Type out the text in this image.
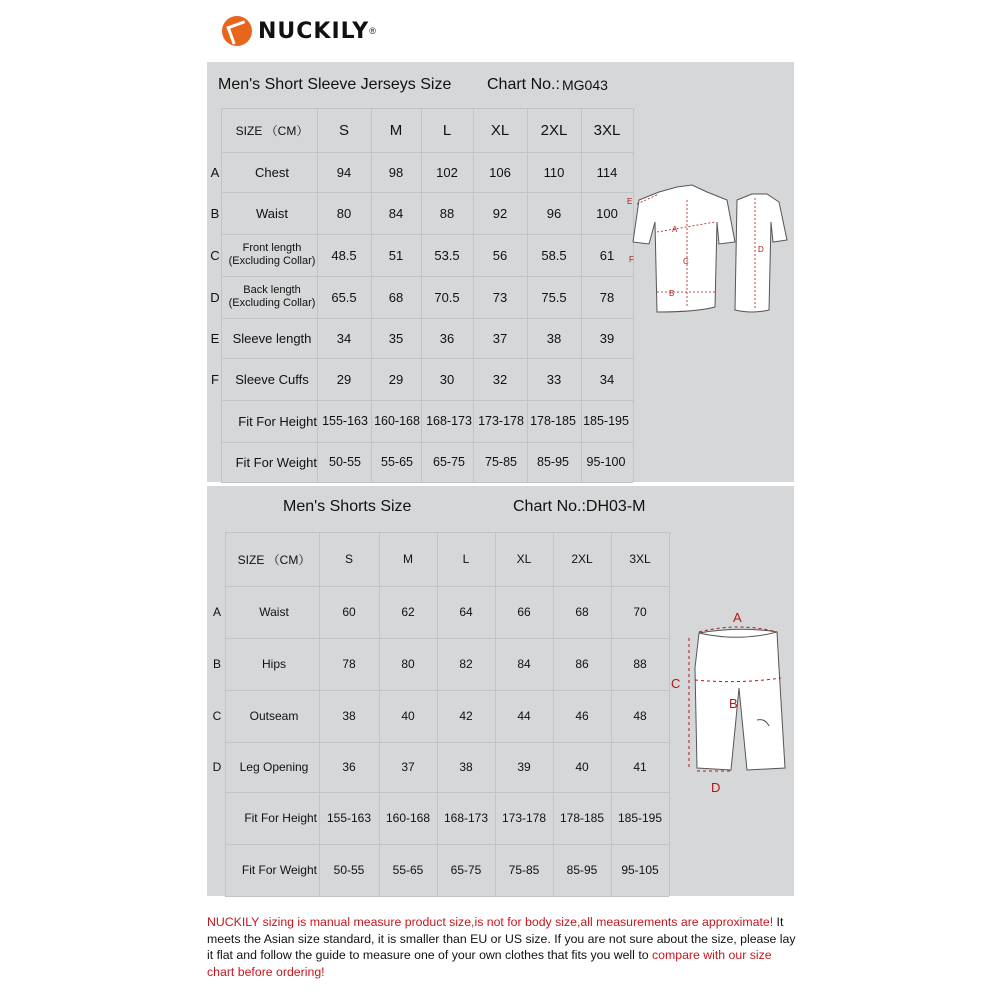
NUCKILY ®
Men's Short Sleeve Jerseys Size Chart No.: MG043
SIZE （CM）	S	M	L	XL	2XL	3XL
A	Chest	94	98	102	106	110	114
B	Waist	80	84	88	92	96	100
C Front length
(Excluding Collar)	48.5	51	53.5	56	58.5	61
D Back length
(Excluding Collar)	65.5	68	70.5	73	75.5	78
E	Sleeve length	34	35	36	37	38	39
F	Sleeve Cuffs	29	29	30	32	33	34
Fit For Height 155-163 160-168 168-173 173-178 178-185 185-195
Fit For Weight 50-55	55-65	65-75	75-85	85-95	95-100
E
A
F	C
B
D
Men's Shorts Size	Chart No.:DH03-M
SIZE （CM）	S	M	L	XL	2XL	3XL
A	Waist	60	62	64	66	68	70
B	Hips	78	80	82	84	86	88
C	Outseam	38	40	42	44	46	48
D	Leg Opening	36	37	38	39	40	41
Fit For Height 155-163	160-168	168-173	173-178	178-185	185-195
Fit For Weight	50-55	55-65	65-75	75-85	85-95	95-105
A
B
C
D
NUCKILY sizing is manual measure product size,is not for body size,all measurements are approximate! It meets the Asian size standard, it is smaller than EU or US size. If you are not sure about the size, please lay it flat and follow the guide to measure one of your own clothes that fits you well to compare with our size chart before ordering!
